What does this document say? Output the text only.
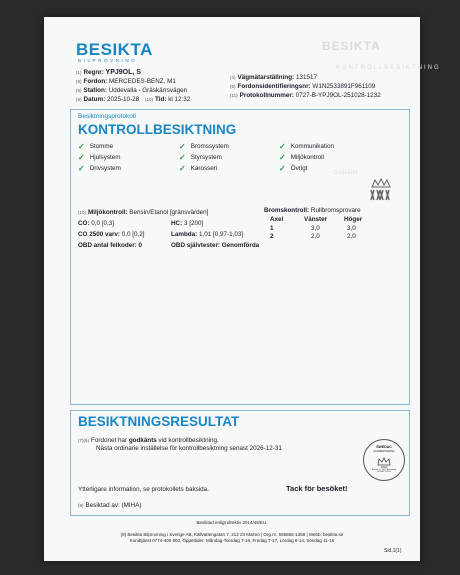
BESIKTA
BILPROVNING
BESIKTA
KONTROLLBESIKTNING
(1) Regnr: YPJ9OL, S
(5) Fordon: MERCEDES-BENZ, M1
(5) Station: Uddevalla - Gräskärrsvägen
(5) Datum: 2025-10-28	(10) Tid: kl 12:32
(4) Vägmätarställning: 131517
(5) Fordonsidentifieringsnr: W1N2533891F961109
(11) Protokollnummer: 0727-B-YPJ9OL-251028-1232
Besiktningsprotokoll
KONTROLLBESIKTNING
Godkänd
✓ Stomme
✓ Hjulsystem
✓ Drivsystem
✓ Bromssystem
✓ Styrsystem
✓ Karosseri
✓ Kommunikation
✓ Miljökontroll
✓ Övrigt
(10) Miljökontroll: Bensin/Etanol [gränsvärden]
CO: 0,0 [0,3]	HC: 3 [200]
CO 2500 varv: 0,0 [0,2]	Lambda: 1,01 [0,97-1,03]
OBD antal felkoder: 0	OBD självtester: Genomförda
Bromskontroll: Rullbromsprovare
Axel	Vänster	Höger
1	3,0	3,0
2	2,0	2,0
BESIKTNINGSRESULTAT
(7)(8) Fordonet har godkänts vid kontrollbesiktning.
Nästa ordinarie inställelse för kontrollbesiktning senast 2026-12-31
Ytterligare information, se protokollets baksida.	Tack för besöket!
(9) Besiktad av: (MIHA)
SWEDAC
ACKREDITERING
1010
Ackred. nr. 1010 Besiktning ISO/IEC 17020
Besiktad enligt direktiv 2014/45/EU.
(9) Besikta Bilprovning i Sverige AB, Källvattengatan 7, 212 23 Malmö | Org.nr: 556865-1359 | Webb: besikta.se
Kundtjänst 0774-400 800, Öppettider: Måndag-Torsdag 7-18, Fredag 7-17, Lördag 8-14, Söndag 11-16
Sid.1(1)
